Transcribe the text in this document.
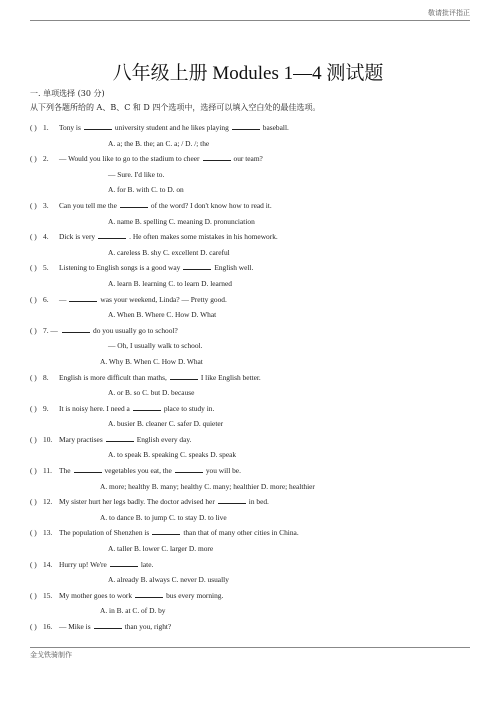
敬请批评指正
八年级上册 Modules 1—4 测试题
一. 单项选择 (30 分)
从下列各题所给的 A、B、C 和 D 四个选项中，选择可以填入空白处的最佳选项。
( ) 1. Tony is	university student and he likes playing	baseball.
A. a; the B. the; an C. a; / D. /; the
( ) 2. — Would you like to go to the stadium to cheer	our team?
— Sure. I'd like to.
A. for B. with C. to D. on
( ) 3. Can you tell me the	of the word? I don't know how to read it.
A. name B. spelling C. meaning D. pronunciation
( ) 4. Dick is very	. He often makes some mistakes in his homework.
A. careless B. shy C. excellent D. careful
( ) 5. Listening to English songs is a good way	English well.
A. learn B. learning C. to learn D. learned
( ) 6. —	was your weekend, Linda? — Pretty good.
A. When B. Where C. How D. What
( ) 7. —	do you usually go to school?
— Oh, I usually walk to school.
A. Why B. When C. How D. What
( ) 8. English is more difficult than maths,	I like English better.
A. or B. so C. but D. because
( ) 9. It is noisy here. I need a	place to study in.
A. busier B. cleaner C. safer D. quieter
( ) 10. Mary practises	English every day.
A. to speak B. speaking C. speaks D. speak
( ) 11. The	vegetables you eat, the	you will be.
A. more; healthy B. many; healthy C. many; healthier D. more; healthier
( ) 12. My sister hurt her legs badly. The doctor advised her	in bed.
A. to dance B. to jump C. to stay D. to live
( ) 13. The population of Shenzhen is	than that of many other cities in China.
A. taller B. lower C. larger D. more
( ) 14. Hurry up! We're	late.
A. already B. always C. never D. usually
( ) 15. My mother goes to work	bus every morning.
A. in B. at C. of D. by
( ) 16. — Mike is	than you, right?
金戈铁骑制作
